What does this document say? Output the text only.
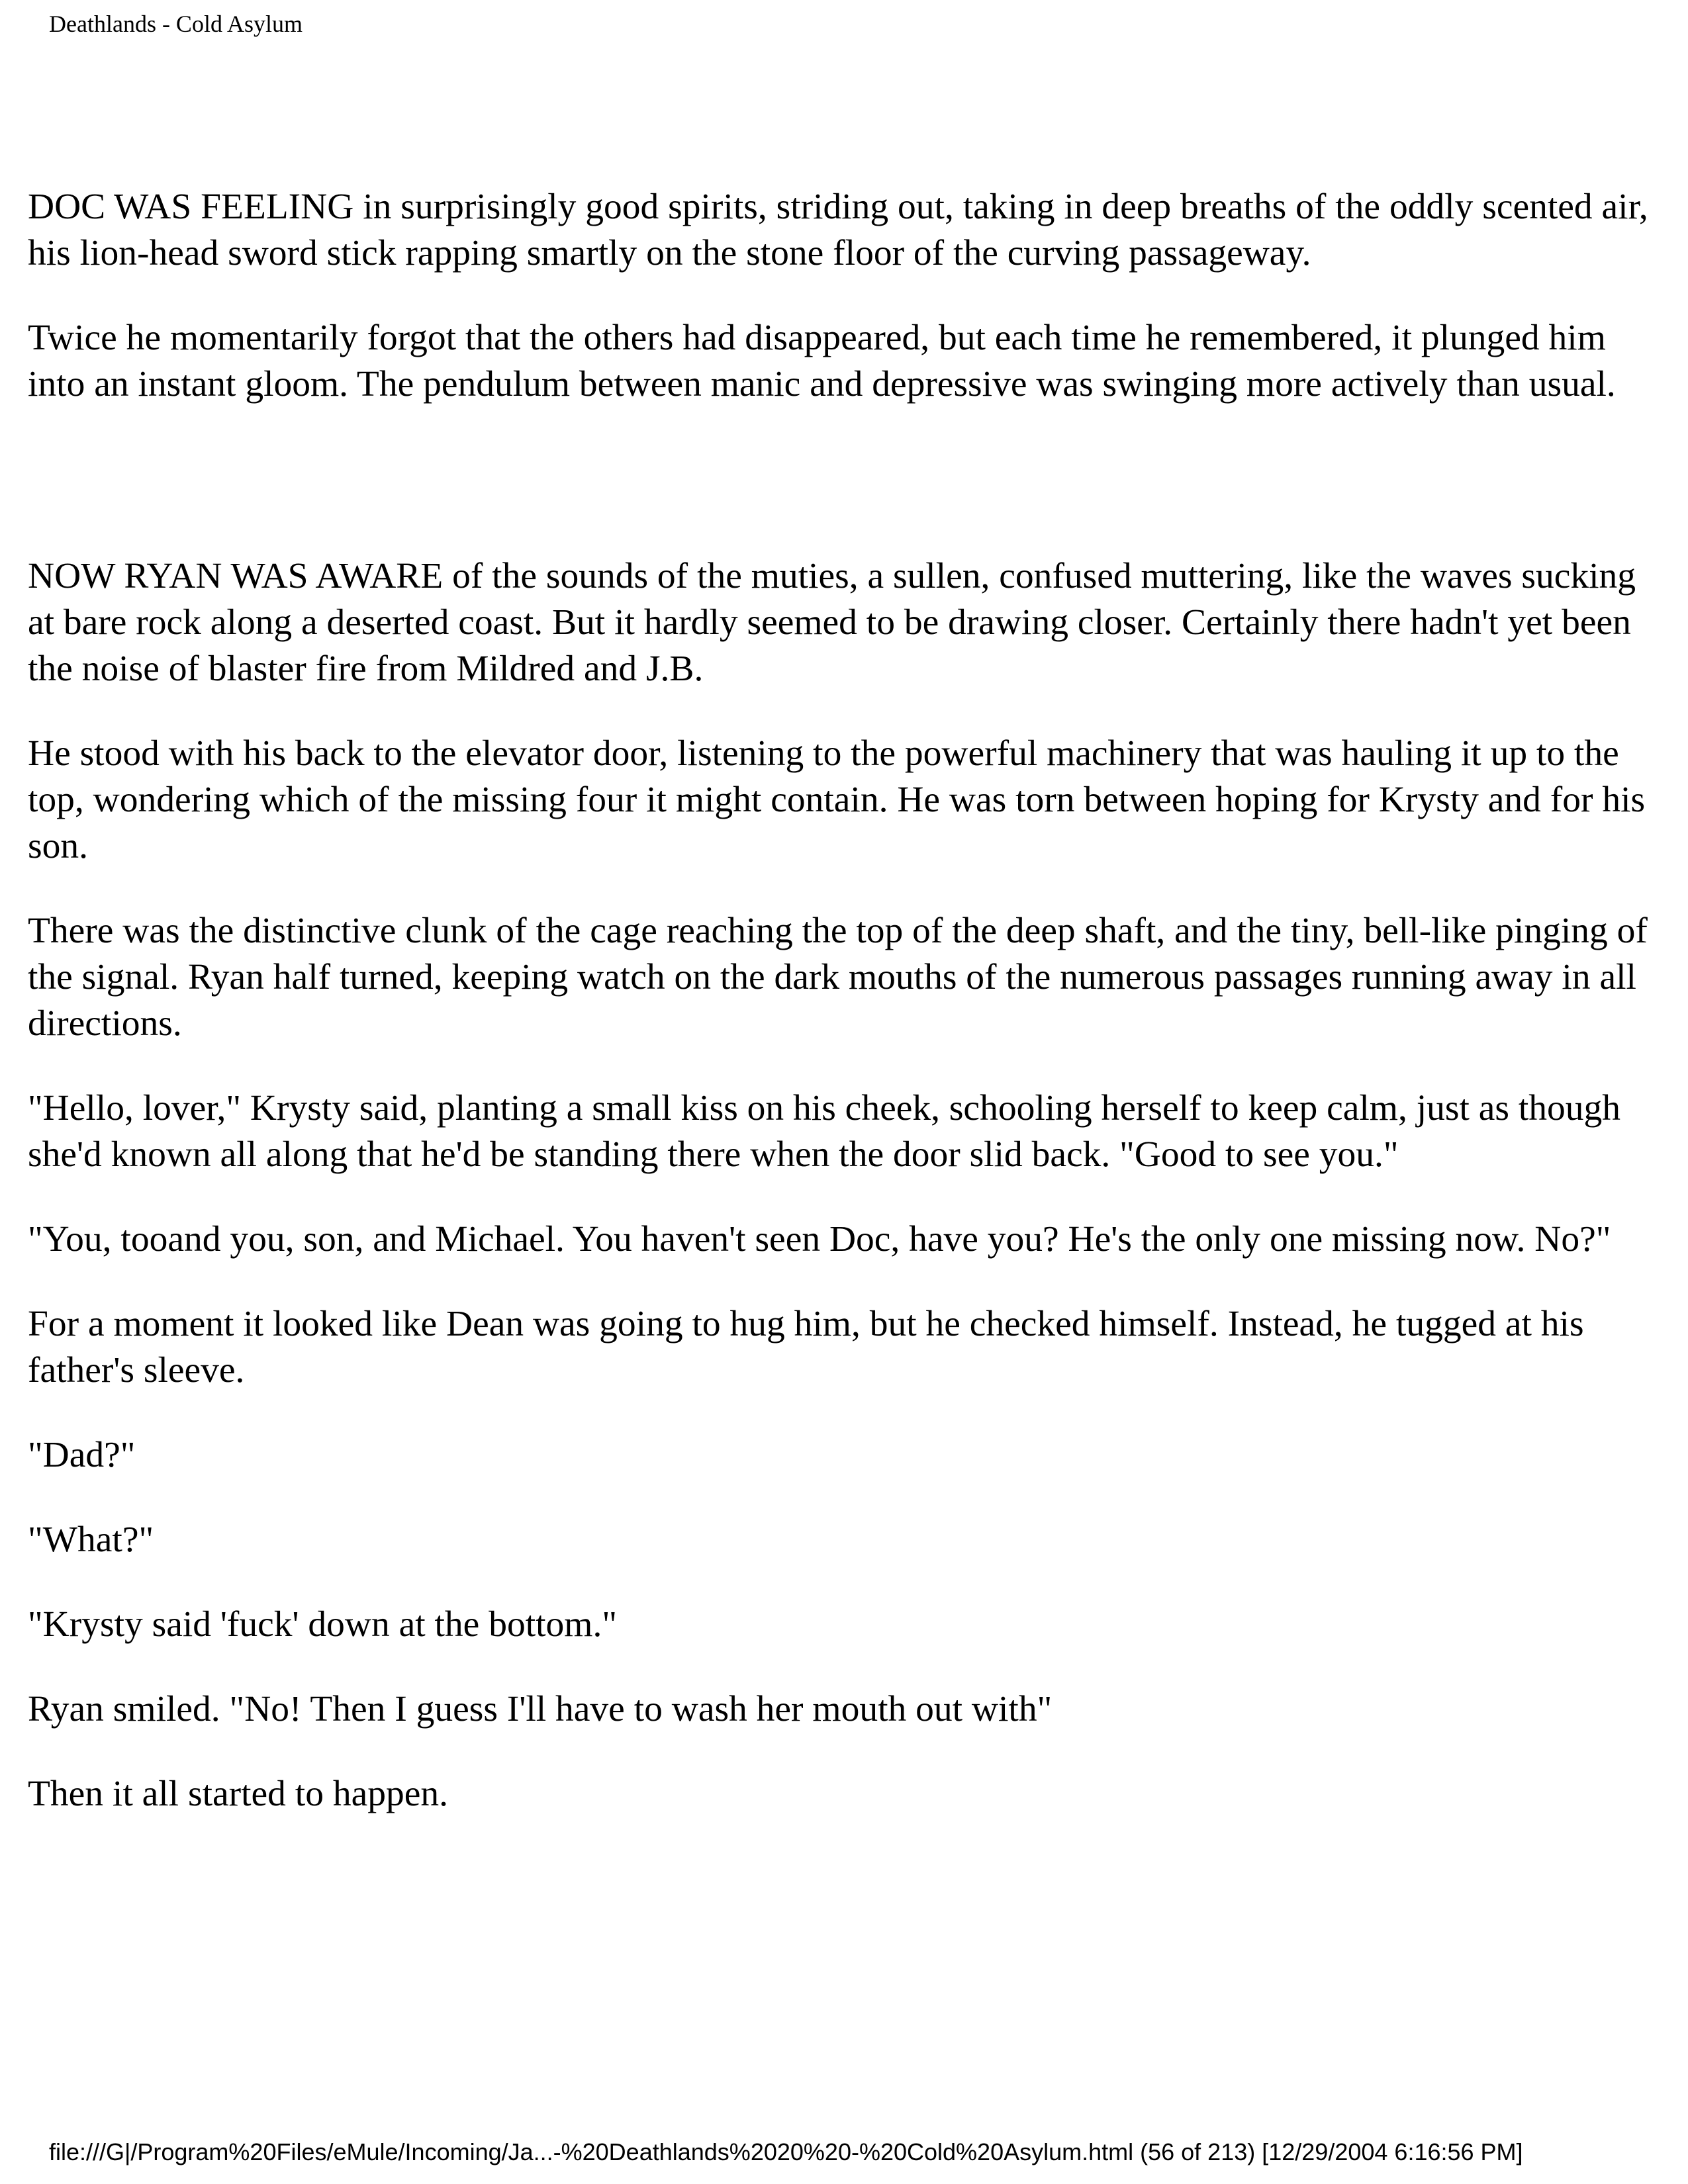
Deathlands - Cold Asylum

DOC WAS FEELING in surprisingly good spirits, striding out, taking in deep breaths of the oddly scented air, his lion-head sword stick rapping smartly on the stone floor of the curving passageway.

Twice he momentarily forgot that the others had disappeared, but each time he remembered, it plunged him into an instant gloom. The pendulum between manic and depressive was swinging more actively than usual.

NOW RYAN WAS AWARE of the sounds of the muties, a sullen, confused muttering, like the waves sucking at bare rock along a deserted coast. But it hardly seemed to be drawing closer. Certainly there hadn't yet been the noise of blaster fire from Mildred and J.B.

He stood with his back to the elevator door, listening to the powerful machinery that was hauling it up to the top, wondering which of the missing four it might contain. He was torn between hoping for Krysty and for his son.

There was the distinctive clunk of the cage reaching the top of the deep shaft, and the tiny, bell-like pinging of the signal. Ryan half turned, keeping watch on the dark mouths of the numerous passages running away in all directions.

"Hello, lover," Krysty said, planting a small kiss on his cheek, schooling herself to keep calm, just as though she'd known all along that he'd be standing there when the door slid back. "Good to see you."

"You, tooand you, son, and Michael. You haven't seen Doc, have you? He's the only one missing now. No?"

For a moment it looked like Dean was going to hug him, but he checked himself. Instead, he tugged at his father's sleeve.

"Dad?"

"What?"

"Krysty said 'fuck' down at the bottom."

Ryan smiled. "No! Then I guess I'll have to wash her mouth out with"

Then it all started to happen.

file:///G|/Program%20Files/eMule/Incoming/Ja...-%20Deathlands%2020%20-%20Cold%20Asylum.html (56 of 213) [12/29/2004 6:16:56 PM]
